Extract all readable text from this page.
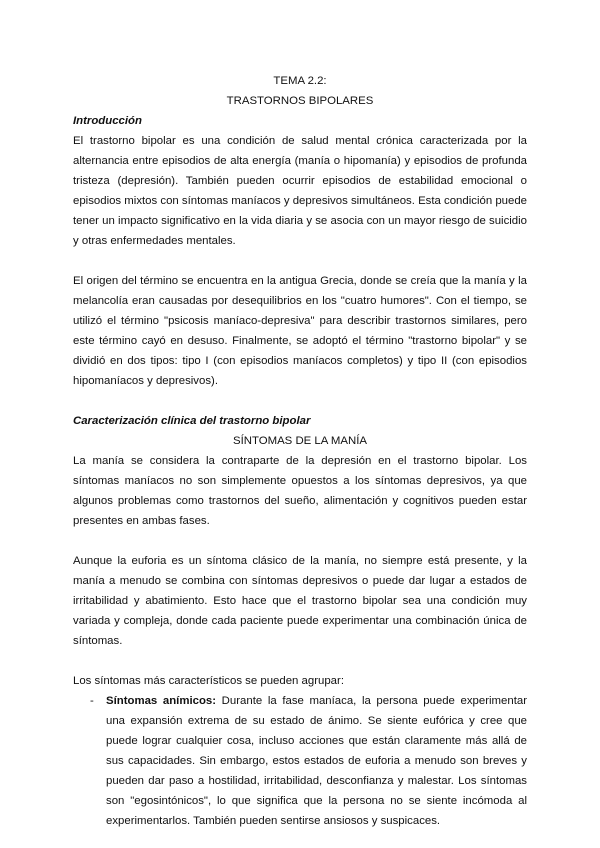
TEMA 2.2:
TRASTORNOS BIPOLARES
Introducción

El trastorno bipolar es una condición de salud mental crónica caracterizada por la alternancia entre episodios de alta energía (manía o hipomanía) y episodios de profunda tristeza (depresión). También pueden ocurrir episodios de estabilidad emocional o episodios mixtos con síntomas maníacos y depresivos simultáneos. Esta condición puede tener un impacto significativo en la vida diaria y se asocia con un mayor riesgo de suicidio y otras enfermedades mentales.

El origen del término se encuentra en la antigua Grecia, donde se creía que la manía y la melancolía eran causadas por desequilibrios en los "cuatro humores". Con el tiempo, se utilizó el término "psicosis maníaco-depresiva" para describir trastornos similares, pero este término cayó en desuso. Finalmente, se adoptó el término "trastorno bipolar" y se dividió en dos tipos: tipo I (con episodios maníacos completos) y tipo II (con episodios hipomaníacos y depresivos).

Caracterización clínica del trastorno bipolar
SÍNTOMAS DE LA MANÍA

La manía se considera la contraparte de la depresión en el trastorno bipolar. Los síntomas maníacos no son simplemente opuestos a los síntomas depresivos, ya que algunos problemas como trastornos del sueño, alimentación y cognitivos pueden estar presentes en ambas fases.

Aunque la euforia es un síntoma clásico de la manía, no siempre está presente, y la manía a menudo se combina con síntomas depresivos o puede dar lugar a estados de irritabilidad y abatimiento. Esto hace que el trastorno bipolar sea una condición muy variada y compleja, donde cada paciente puede experimentar una combinación única de síntomas.

Los síntomas más característicos se pueden agrupar:

- Síntomas anímicos: Durante la fase maníaca, la persona puede experimentar una expansión extrema de su estado de ánimo. Se siente eufórica y cree que puede lograr cualquier cosa, incluso acciones que están claramente más allá de sus capacidades. Sin embargo, estos estados de euforia a menudo son breves y pueden dar paso a hostilidad, irritabilidad, desconfianza y malestar. Los síntomas son "egosintónicos", lo que significa que la persona no se siente incómoda al experimentarlos. También pueden sentirse ansiosos y suspicaces.
